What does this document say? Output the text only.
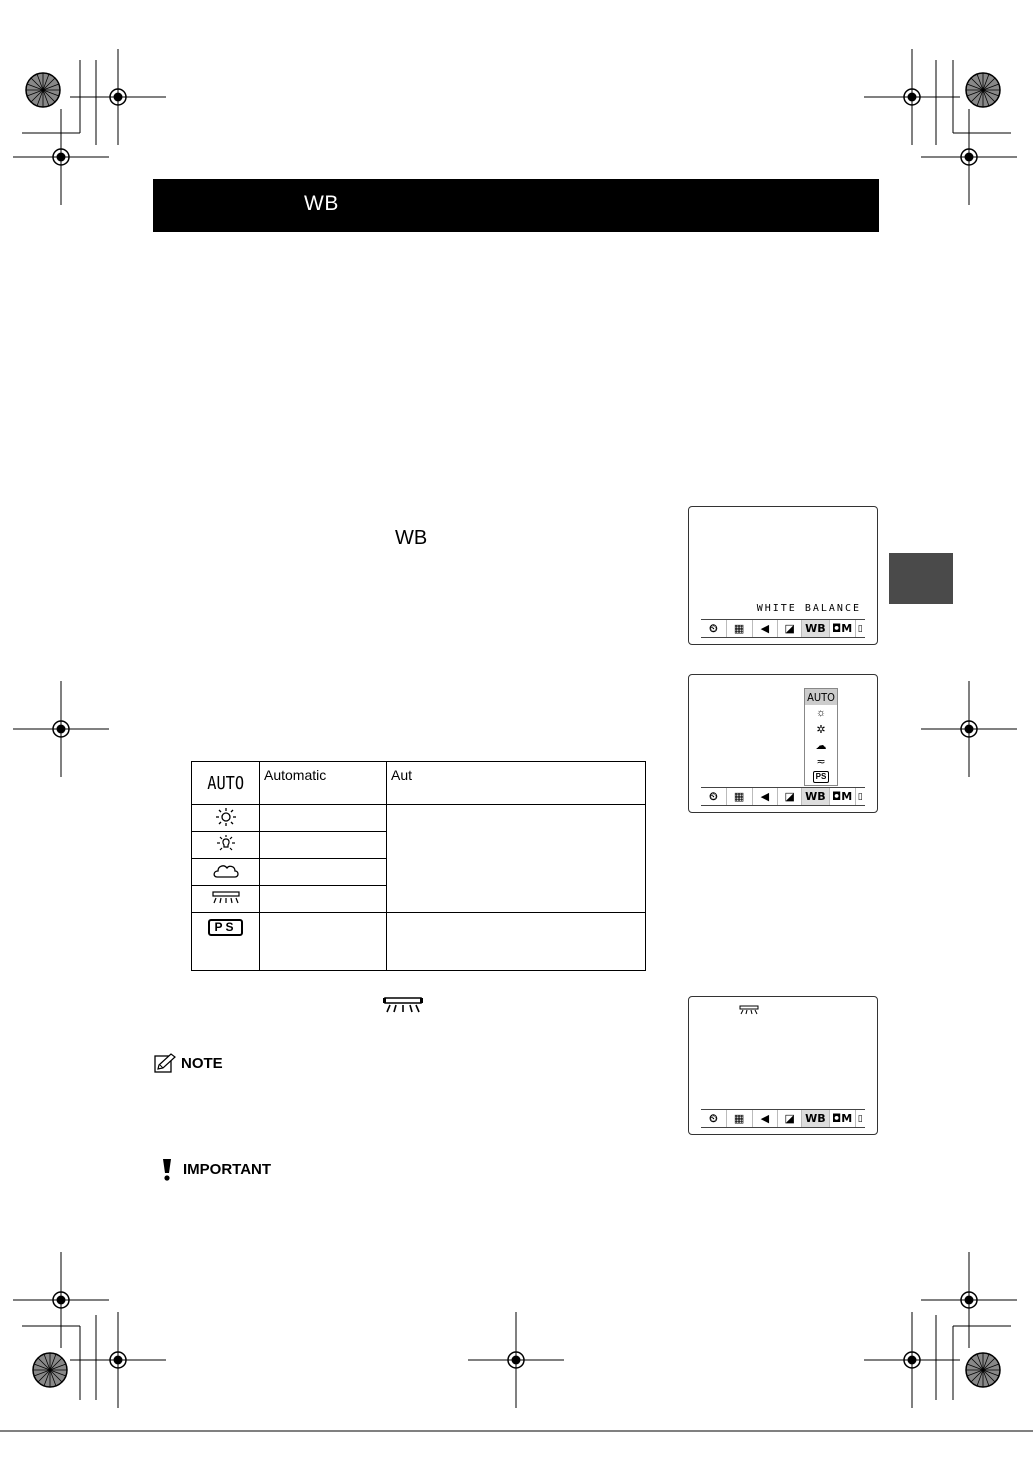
WB
WB
WHITE BALANCE
⏲	▦	◀	◪ WB ◘ M ▯
AUTO
☼
✲
☁
≂
PS
⏲	▦	◀	◪ WB ◘ M ▯
AUTO	Automatic	Aut

PS		
⏲	▦	◀	◪ WB ◘ M ▯
NOTE
IMPORTANT
